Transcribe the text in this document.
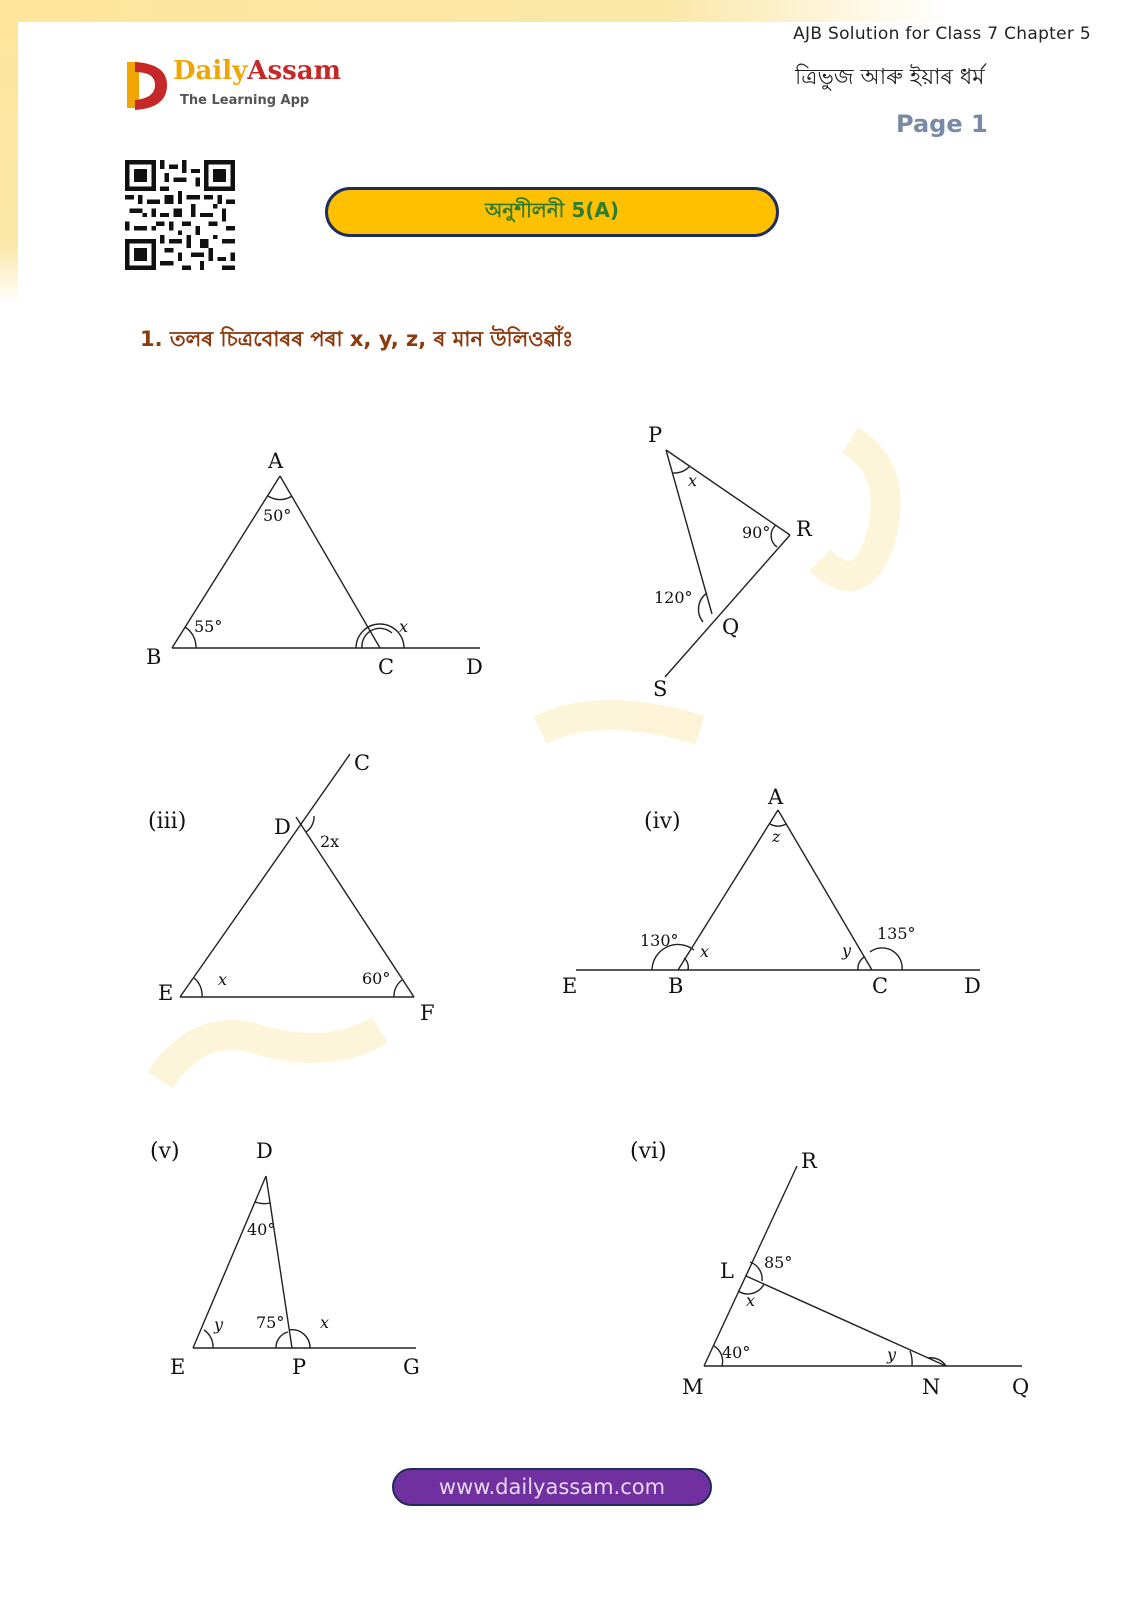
DailyAssam
The Learning App
AJB Solution for Class 7 Chapter 5
ত্ৰিভুজ আৰু ইয়াৰ ধৰ্ম
Page 1
অনুশীলনী 5(A)
1. তলৰ চিত্ৰবোৰৰ পৰা x, y, z, ৰ মান উলিওৱাঁঃ
A
B	C	D
50°
55°	x
P
R
Q
S
x
90°
120°
(iii)
C
D
E
F
2x
x	60°
(iv)
A
E	B	C	D
z
130°
x	y
135°
(v)	D
E	P	G
40°
y 75° x
(vi)	R
L
M	N	Q
85°
x
40°	y
www.dailyassam.com
